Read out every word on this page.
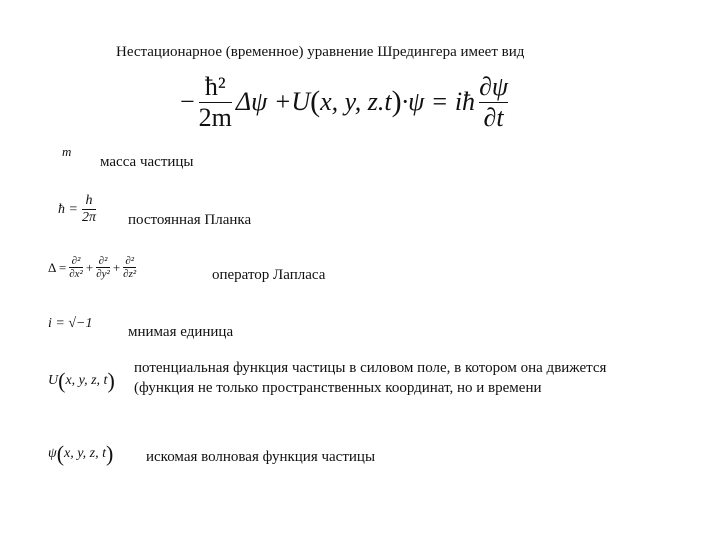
Нестационарное (временное) уравнение Шредингера имеет вид
− $\frac{\text{ħ²}}{2m}$ Δψ + U ( x, y, z.t ) ·ψ = iħ $\frac{\partial\psi}{\partial t}$
m
масса частицы
ħ = $\frac{h}{2\pi}$ постоянная Планка
$\Delta = \frac{\text{∂²}}{\text{∂x²}} + \frac{\text{∂²}}{\text{∂y²}} + \frac{\text{∂²}}{\text{∂z²}}$	оператор Лапласа
i = √−1
мнимая единица
U ( x, y, z, t ) потенциальная функция частицы в силовом поле, в котором она движется (функция не только пространственных координат, но и времени
ψ ( x, y, z, t ) искомая волновая функция частицы
